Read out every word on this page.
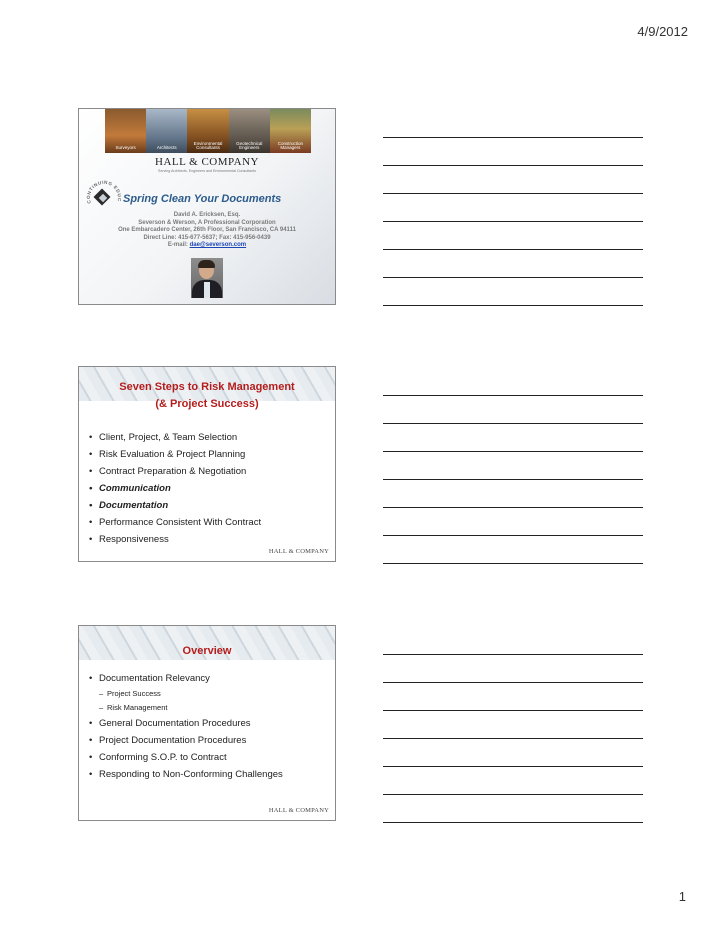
4/9/2012
Surveyors	Architects
Environmental Consultants
Geotechnical Engineers
Construction Managers
HALL & COMPANY
Serving Architects, Engineers and Environmental Consultants
CONTINUING EDUC Spring Clean Your Documents
David A. Ericksen, Esq.
Severson & Werson, A Professional Corporation
One Embarcadero Center, 26th Floor, San Francisco, CA 94111
Direct Line: 415-677-5637; Fax: 415-956-0439
E-mail: dae@severson.com
Seven Steps to Risk Management
(& Project Success)
• Client, Project, & Team Selection
• Risk Evaluation & Project Planning
• Contract Preparation & Negotiation
• Communication
• Documentation
• Performance Consistent With Contract
• Responsiveness
HALL & COMPANY
Overview
• Documentation Relevancy
– Project Success
– Risk Management
• General Documentation Procedures
• Project Documentation Procedures
• Conforming S.O.P. to Contract
• Responding to Non-Conforming Challenges
HALL & COMPANY
1
